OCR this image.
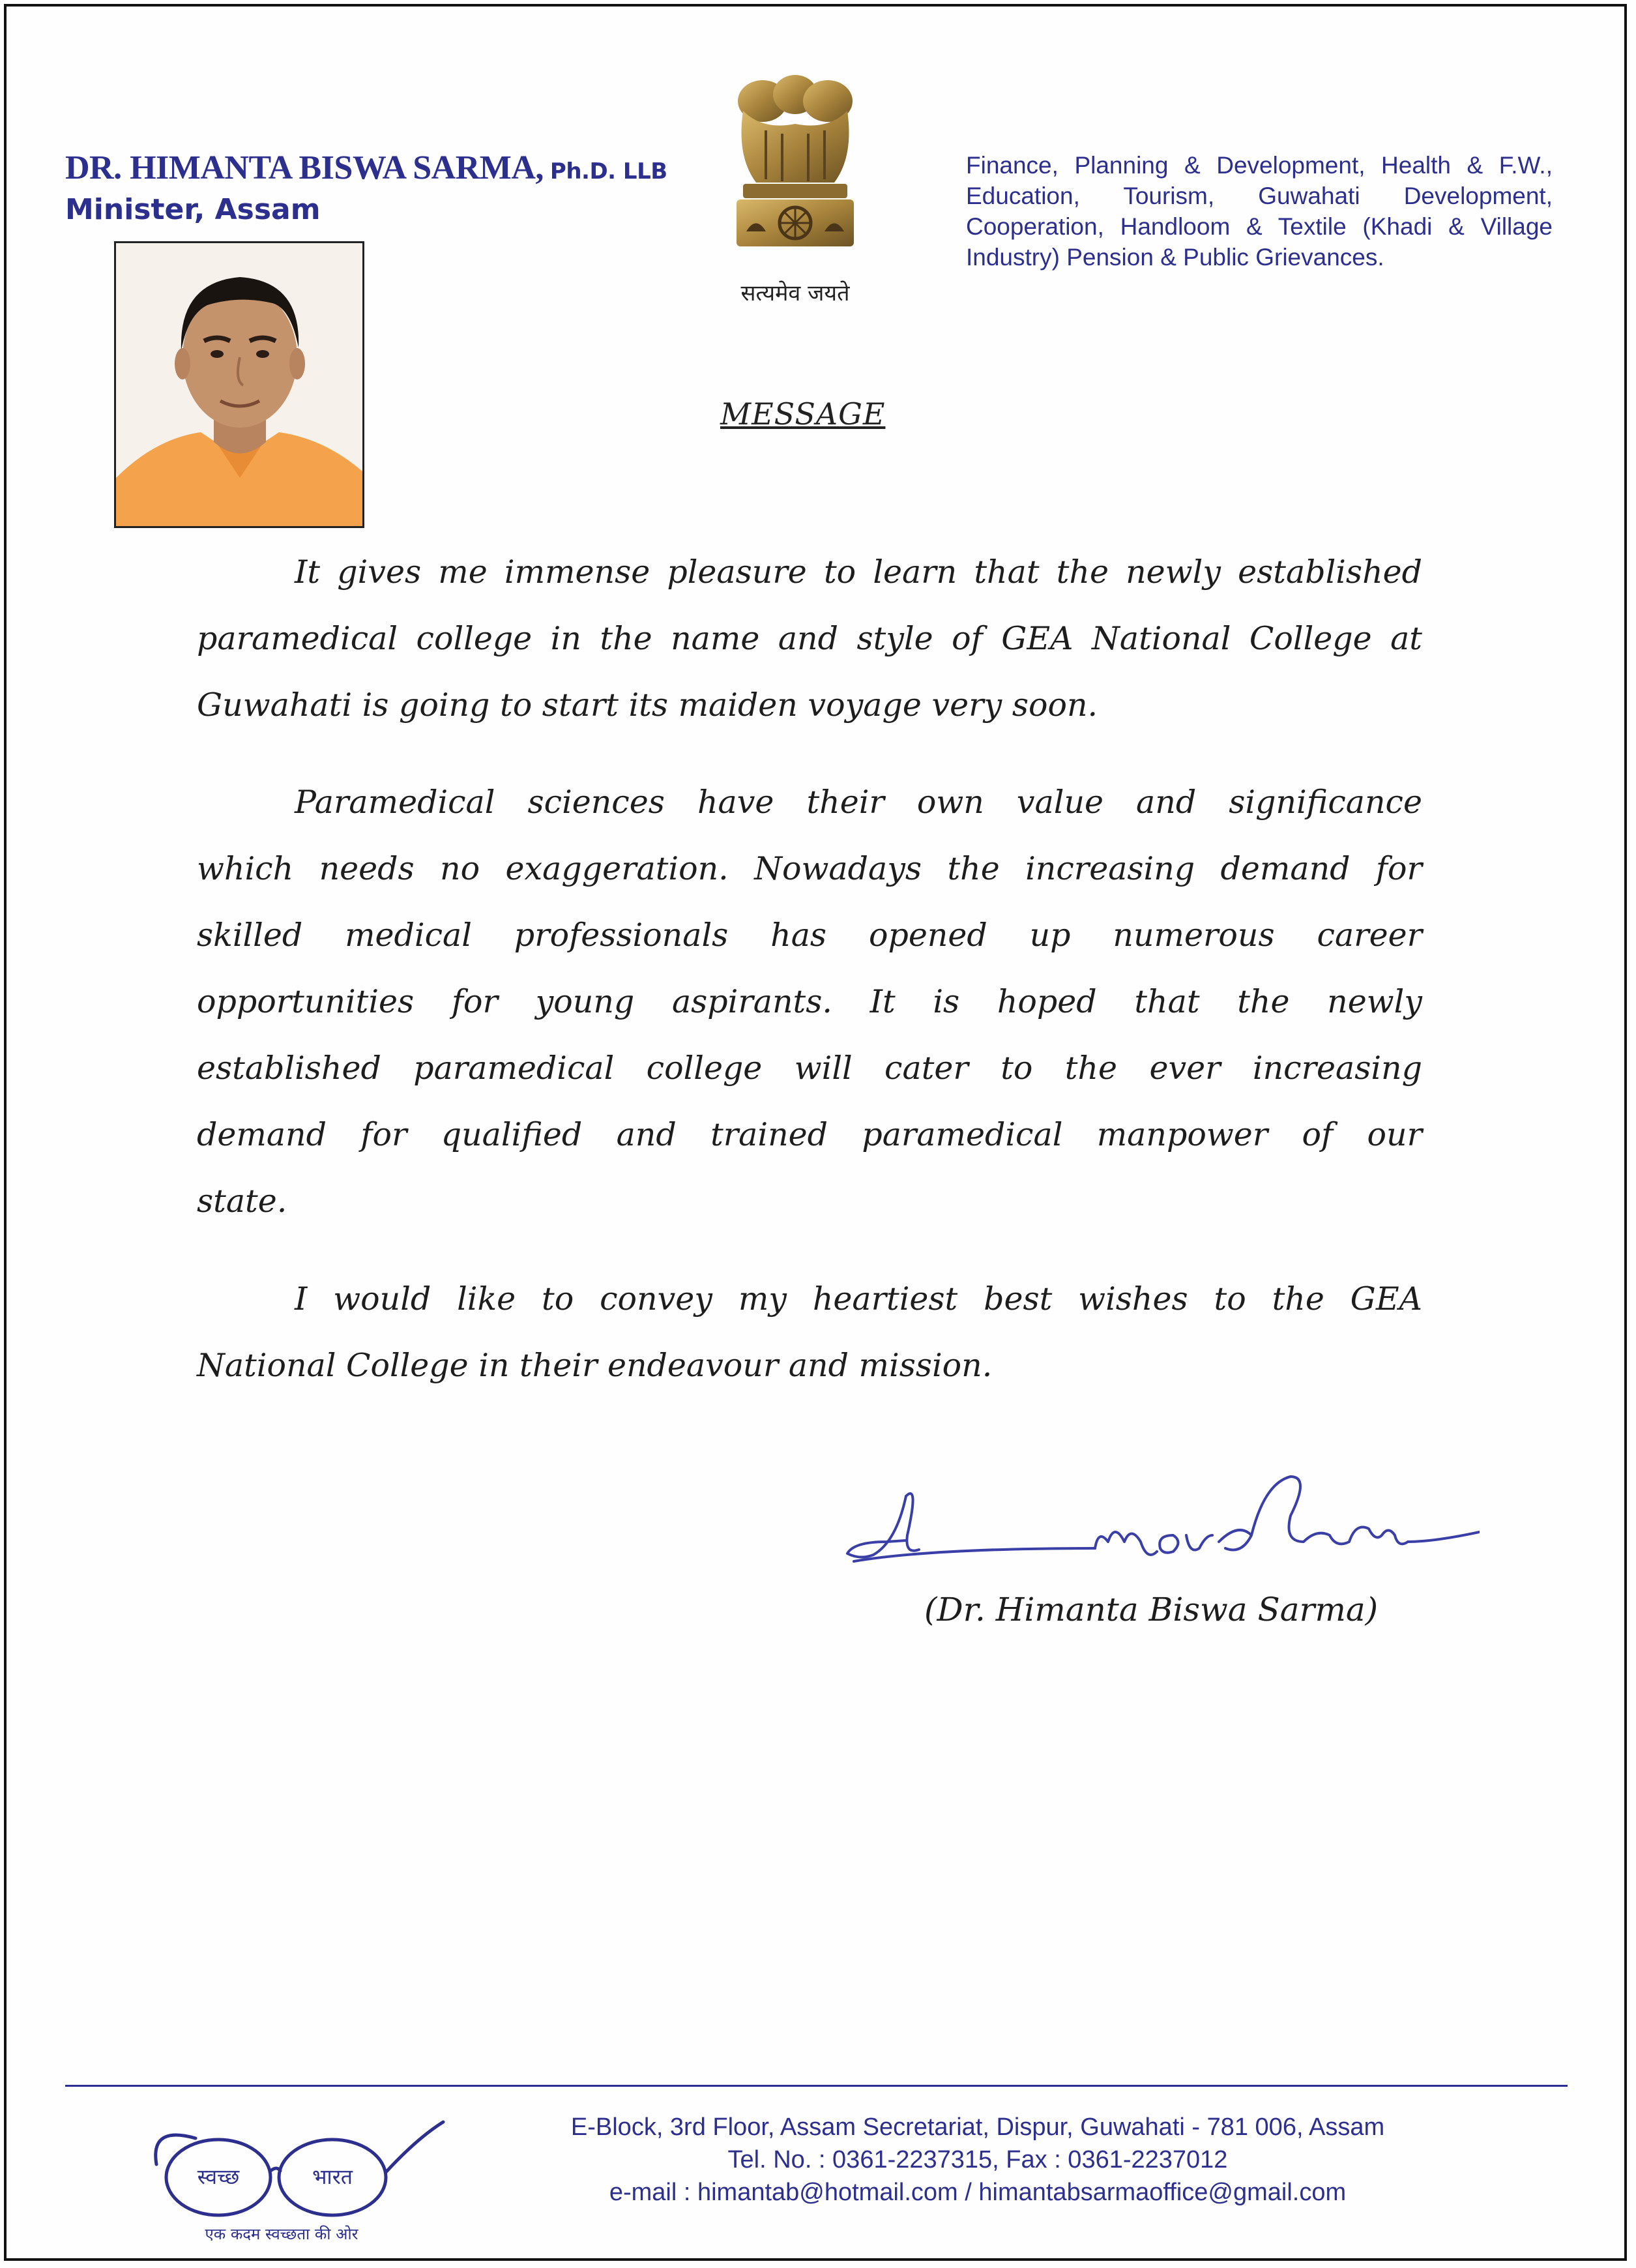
DR. HIMANTA BISWA SARMA, Ph.D. LLB
Minister, Assam
सत्यमेव जयते
Finance, Planning & Development, Health & F.W.,
Education, Tourism, Guwahati Development,
Cooperation, Handloom & Textile (Khadi & Village
Industry) Pension & Public Grievances.
MESSAGE
It gives me immense pleasure to learn that the newly established
paramedical college in the name and style of GEA National College at
Guwahati is going to start its maiden voyage very soon.
Paramedical sciences have their own value and significance
which needs no exaggeration. Nowadays the increasing demand for
skilled medical professionals has opened up numerous career
opportunities for young aspirants. It is hoped that the newly
established paramedical college will cater to the ever increasing
demand for qualified and trained paramedical manpower of our
state.
I would like to convey my heartiest best wishes to the GEA
National College in their endeavour and mission.
(Dr. Himanta Biswa Sarma)
स्वच्छ	भारत
एक कदम स्वच्छता की ओर
E-Block, 3rd Floor, Assam Secretariat, Dispur, Guwahati - 781 006, Assam
Tel. No. : 0361-2237315, Fax : 0361-2237012
e-mail : himantab@hotmail.com / himantabsarmaoffice@gmail.com
